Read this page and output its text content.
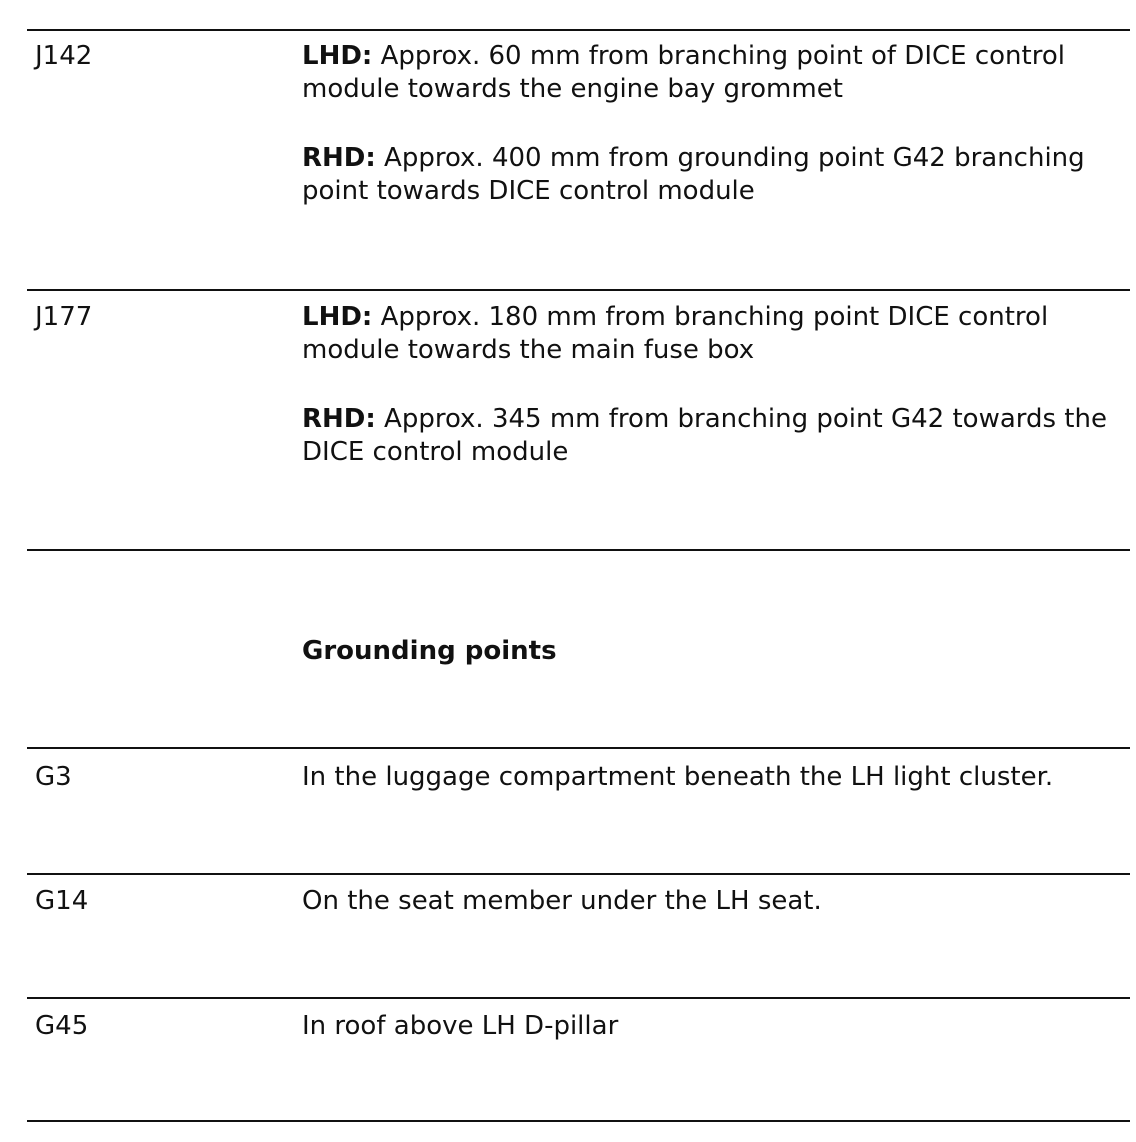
J142	LHD: Approx. 60 mm from branching point of DICE control module towards the engine bay grommet

RHD: Approx. 400 mm from grounding point G42 branching point towards DICE control module

J177	LHD: Approx. 180 mm from branching point DICE control module towards the main fuse box

RHD: Approx. 345 mm from branching point G42 towards the DICE control module

Grounding points
G3	In the luggage compartment beneath the LH light cluster.
G14	On the seat member under the LH seat.
G45	In roof above LH D-pillar
